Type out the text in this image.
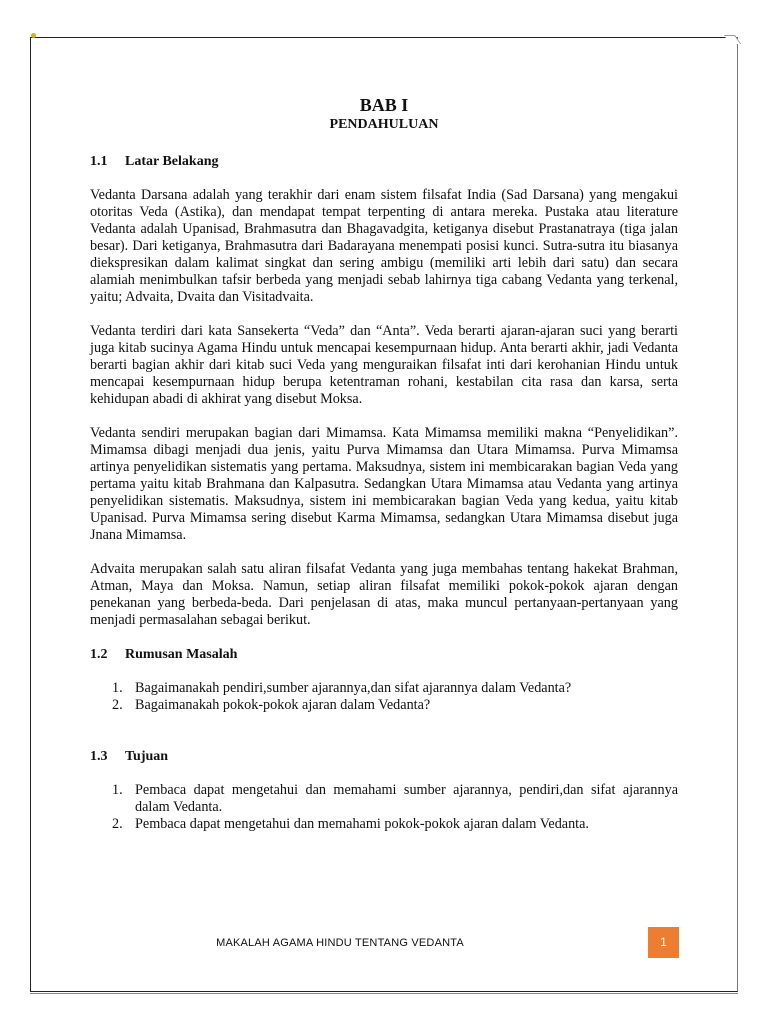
BAB I
PENDAHULUAN
1.1 Latar Belakang

Vedanta Darsana adalah yang terakhir dari enam sistem filsafat India (Sad Darsana) yang mengakui otoritas Veda (Astika), dan mendapat tempat terpenting di antara mereka. Pustaka atau literature Vedanta adalah Upanisad, Brahmasutra dan Bhagavadgita, ketiganya disebut Prastanatraya (tiga jalan besar). Dari ketiganya, Brahmasutra dari Badarayana menempati posisi kunci. Sutra-sutra itu biasanya diekspresikan dalam kalimat singkat dan sering ambigu (memiliki arti lebih dari satu) dan secara alamiah menimbulkan tafsir berbeda yang menjadi sebab lahirnya tiga cabang Vedanta yang terkenal, yaitu; Advaita, Dvaita dan Visitadvaita.

Vedanta terdiri dari kata Sansekerta “Veda” dan “Anta”. Veda berarti ajaran-ajaran suci yang berarti juga kitab sucinya Agama Hindu untuk mencapai kesempurnaan hidup. Anta berarti akhir, jadi Vedanta berarti bagian akhir dari kitab suci Veda yang menguraikan filsafat inti dari kerohanian Hindu untuk mencapai kesempurnaan hidup berupa ketentraman rohani, kestabilan cita rasa dan karsa, serta kehidupan abadi di akhirat yang disebut Moksa.

Vedanta sendiri merupakan bagian dari Mimamsa. Kata Mimamsa memiliki makna “Penyelidikan”. Mimamsa dibagi menjadi dua jenis, yaitu Purva Mimamsa dan Utara Mimamsa. Purva Mimamsa artinya penyelidikan sistematis yang pertama. Maksudnya, sistem ini membicarakan bagian Veda yang pertama yaitu kitab Brahmana dan Kalpasutra. Sedangkan Utara Mimamsa atau Vedanta yang artinya penyelidikan sistematis. Maksudnya, sistem ini membicarakan bagian Veda yang kedua, yaitu kitab Upanisad. Purva Mimamsa sering disebut Karma Mimamsa, sedangkan Utara Mimamsa disebut juga Jnana Mimamsa.

Advaita merupakan salah satu aliran filsafat Vedanta yang juga membahas tentang hakekat Brahman, Atman, Maya dan Moksa. Namun, setiap aliran filsafat memiliki pokok-pokok ajaran dengan penekanan yang berbeda-beda. Dari penjelasan di atas, maka muncul pertanyaan-pertanyaan yang menjadi permasalahan sebagai berikut.

1.2 Rumusan Masalah
1. Bagaimanakah pendiri,sumber ajarannya,dan sifat ajarannya dalam Vedanta?
2. Bagaimanakah pokok-pokok ajaran dalam Vedanta?
1.3 Tujuan
1. Pembaca dapat mengetahui dan memahami sumber ajarannya, pendiri,dan sifat ajarannya dalam Vedanta.
2. Pembaca dapat mengetahui dan memahami pokok-pokok ajaran dalam Vedanta.
MAKALAH AGAMA HINDU TENTANG VEDANTA	1
